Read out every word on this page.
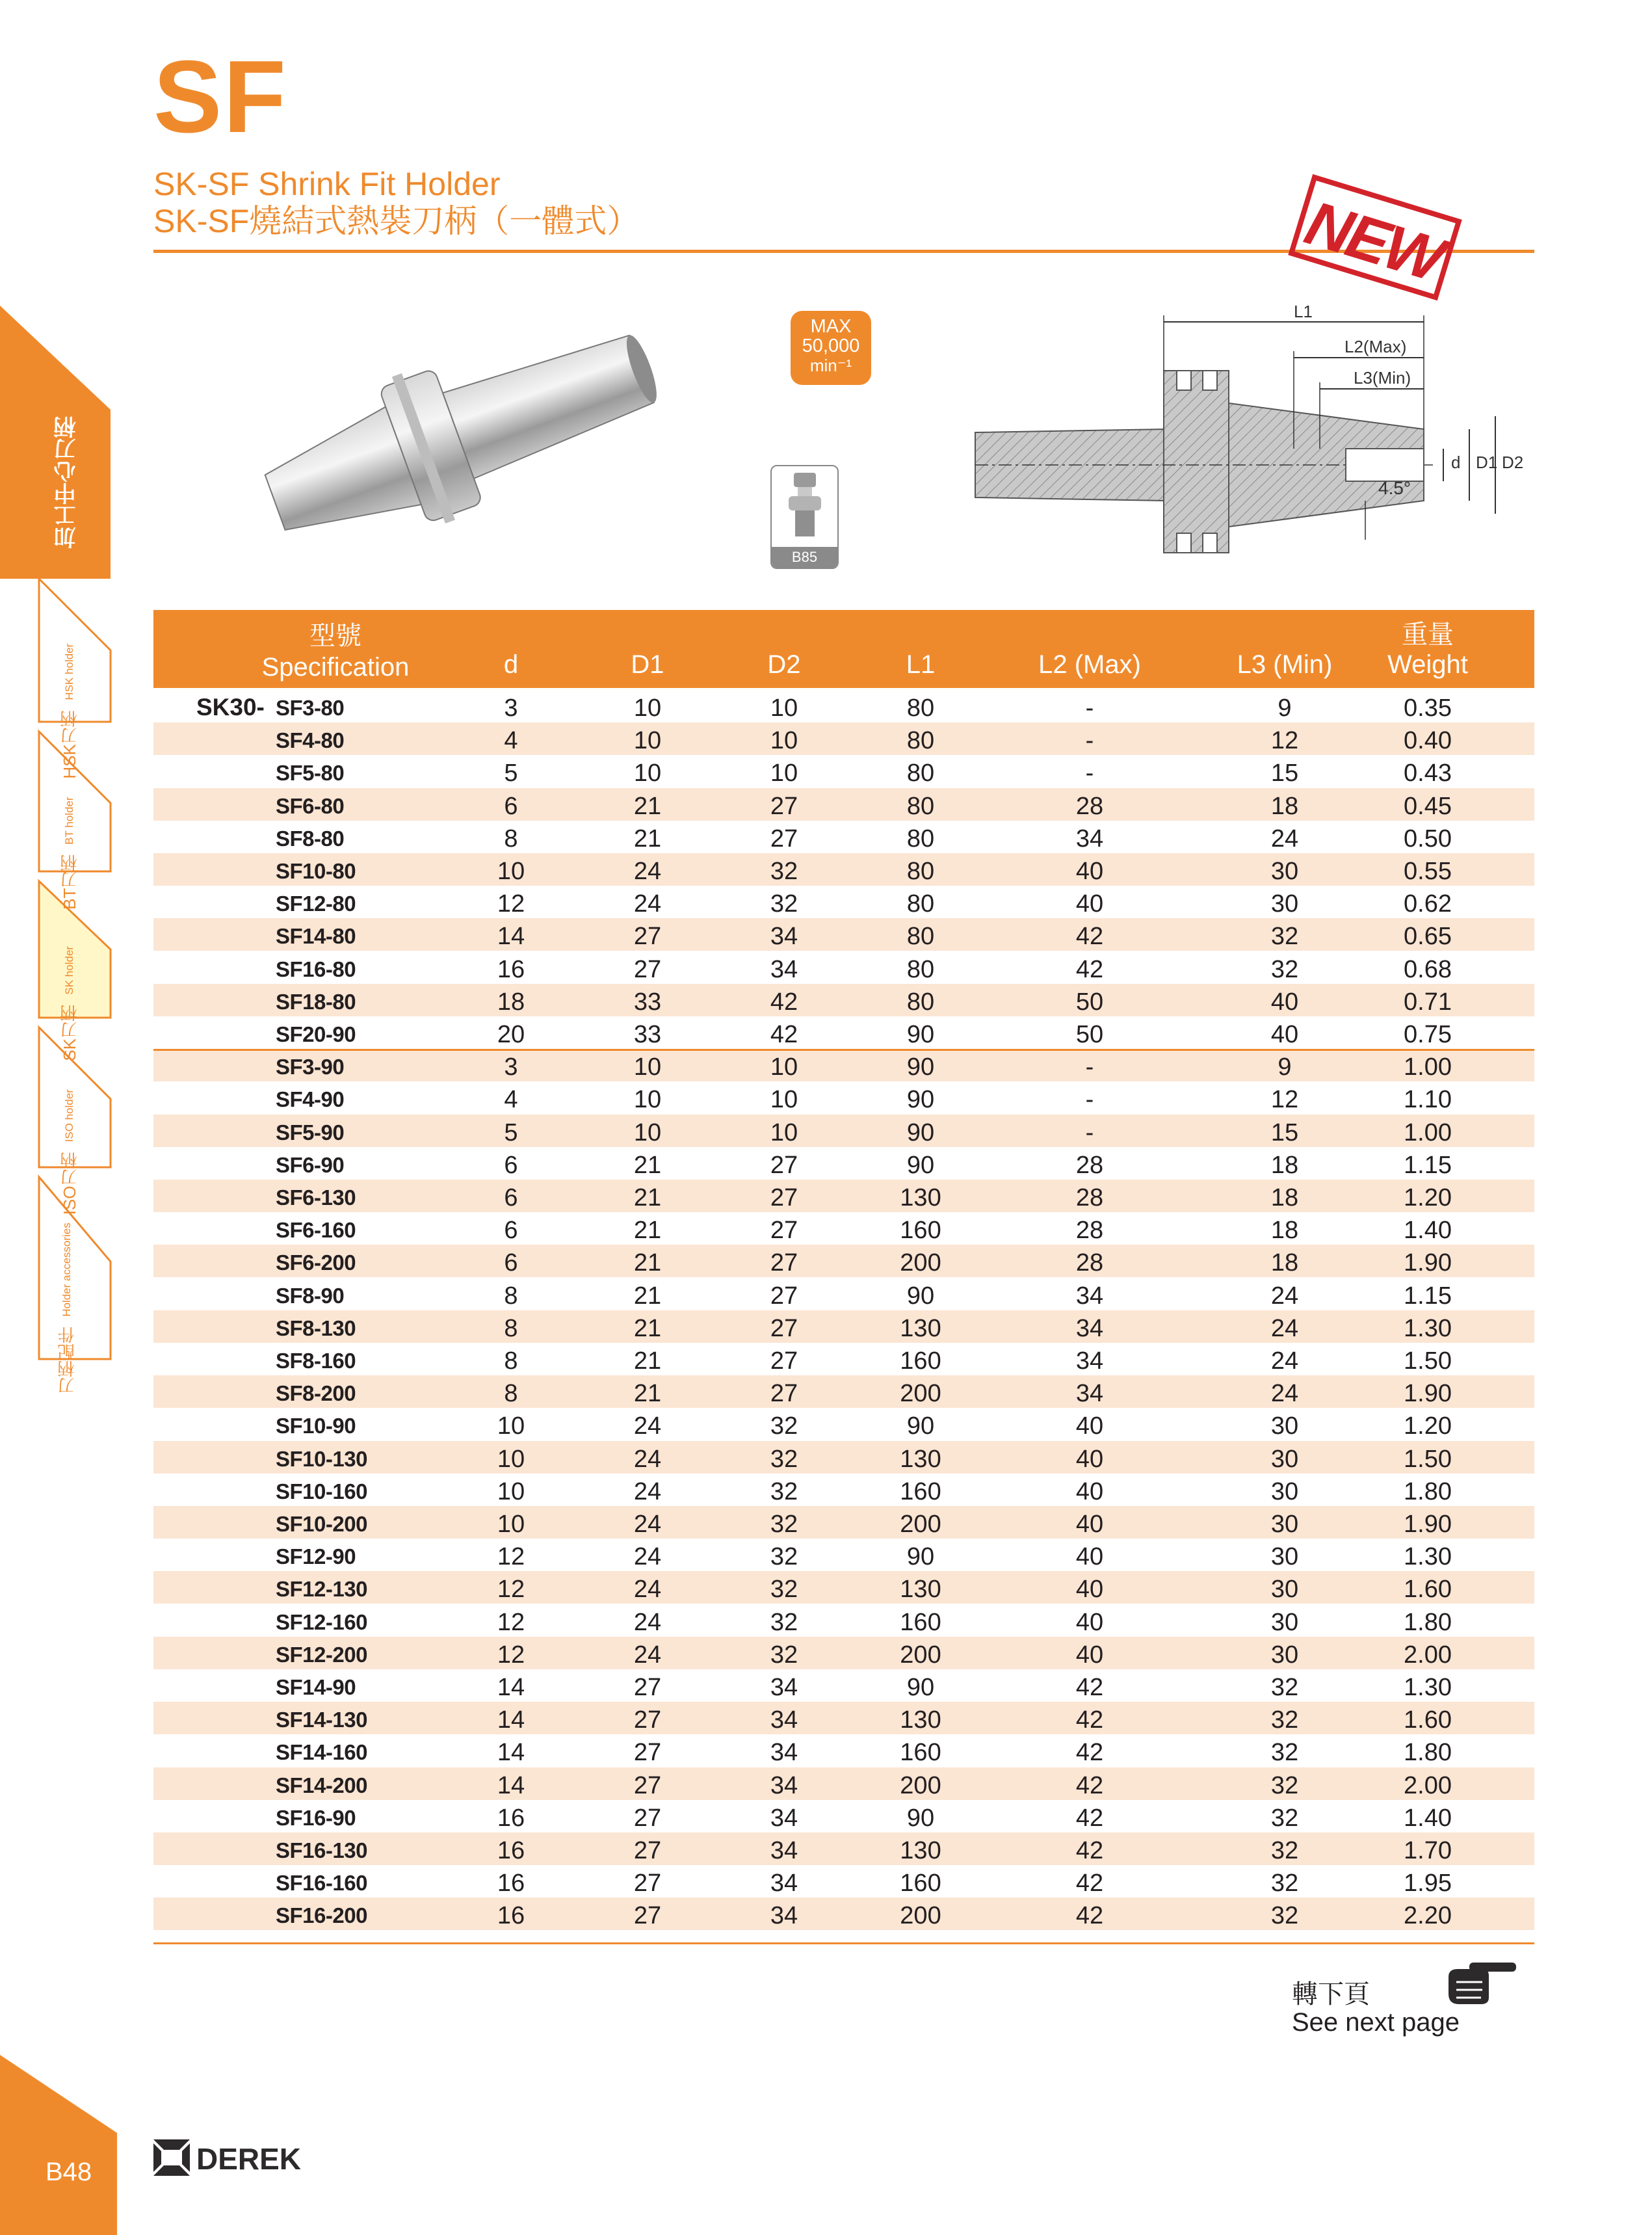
SF
SK-SF Shrink Fit Holder
SK-SF燒結式熱裝刀柄（一體式）	NEW
加工中心刀柄
HSK刀柄 HSK holder
BT刀柄 BT holder
SK刀柄 SK holder
ISO刀柄 ISO holder
刀柄配件 Holder accessories
MAX
50,000
min⁻¹
B85
L1
L2(Max)
L3(Min)
4.5°
d D1 D2
型號
Specification	d	D1	D2	L1	L2 (Max)	L3 (Min)
重量
Weight
SK30- SF3-80	3	10	10	80	-	9	0.35
SF4-80	4	10	10	80	-	12	0.40
SF5-80	5	10	10	80	-	15	0.43
SF6-80	6	21	27	80	28	18	0.45
SF8-80	8	21	27	80	34	24	0.50
SF10-80	10	24	32	80	40	30	0.55
SF12-80	12	24	32	80	40	30	0.62
SF14-80	14	27	34	80	42	32	0.65
SF16-80	16	27	34	80	42	32	0.68
SF18-80	18	33	42	80	50	40	0.71
SF20-90	20	33	42	90	50	40	0.75
SF3-90	3	10	10	90	-	9	1.00
SF4-90	4	10	10	90	-	12	1.10
SF5-90	5	10	10	90	-	15	1.00
SF6-90	6	21	27	90	28	18	1.15
SF6-130	6	21	27	130	28	18	1.20
SF6-160	6	21	27	160	28	18	1.40
SF6-200	6	21	27	200	28	18	1.90
SF8-90	8	21	27	90	34	24	1.15
SF8-130	8	21	27	130	34	24	1.30
SF8-160	8	21	27	160	34	24	1.50
SF8-200	8	21	27	200	34	24	1.90
SF10-90	10	24	32	90	40	30	1.20
SF10-130	10	24	32	130	40	30	1.50
SF10-160	10	24	32	160	40	30	1.80
SF10-200	10	24	32	200	40	30	1.90
SF12-90	12	24	32	90	40	30	1.30
SF12-130	12	24	32	130	40	30	1.60
SF12-160	12	24	32	160	40	30	1.80
SF12-200	12	24	32	200	40	30	2.00
SF14-90	14	27	34	90	42	32	1.30
SF14-130	14	27	34	130	42	32	1.60
SF14-160	14	27	34	160	42	32	1.80
SF14-200	14	27	34	200	42	32	2.00
SF16-90	16	27	34	90	42	32	1.40
SF16-130	16	27	34	130	42	32	1.70
SF16-160	16	27	34	160	42	32	1.95
SF16-200	16	27	34	200	42	32	2.20
轉下頁
See next page
B48	DEREK
